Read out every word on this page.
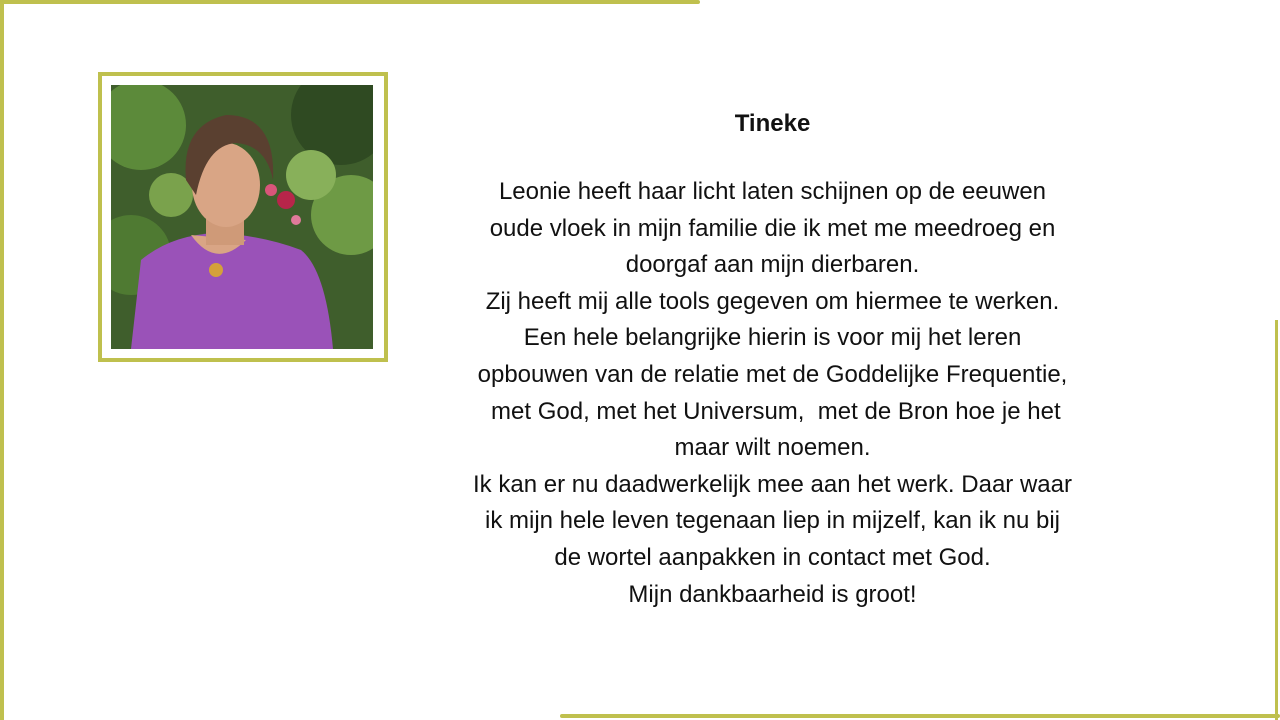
Tineke

Leonie heeft haar licht laten schijnen op de eeuwen

oude vloek in mijn familie die ik met me meedroeg en

doorgaf aan mijn dierbaren.

Zij heeft mij alle tools gegeven om hiermee te werken.

Een hele belangrijke hierin is voor mij het leren

opbouwen van de relatie met de Goddelijke Frequentie,

met God, met het Universum,  met de Bron hoe je het

maar wilt noemen.

Ik kan er nu daadwerkelijk mee aan het werk. Daar waar

ik mijn hele leven tegenaan liep in mijzelf, kan ik nu bij

de wortel aanpakken in contact met God.

Mijn dankbaarheid is groot!
